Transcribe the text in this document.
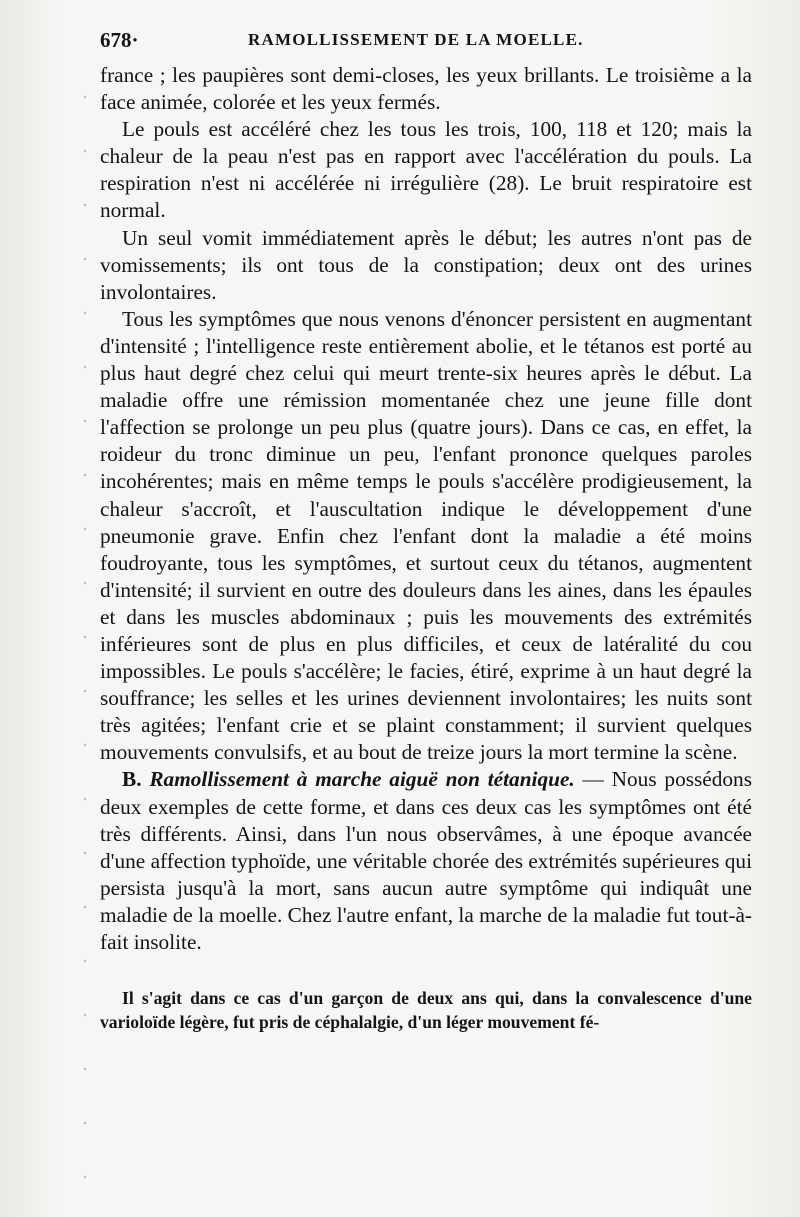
678·	RAMOLLISSEMENT DE LA MOELLE.

france ; les paupières sont demi-closes, les yeux brillants. Le troisième a la face animée, colorée et les yeux fermés.

Le pouls est accéléré chez les tous les trois, 100, 118 et 120; mais la chaleur de la peau n'est pas en rapport avec l'accélération du pouls. La respiration n'est ni accélérée ni irrégulière (28). Le bruit respiratoire est normal.

Un seul vomit immédiatement après le début; les autres n'ont pas de vomissements; ils ont tous de la constipation; deux ont des urines involontaires.

Tous les symptômes que nous venons d'énoncer persistent en augmentant d'intensité ; l'intelligence reste entièrement abolie, et le tétanos est porté au plus haut degré chez celui qui meurt trente-six heures après le début. La maladie offre une rémission momentanée chez une jeune fille dont l'affection se prolonge un peu plus (quatre jours). Dans ce cas, en effet, la roideur du tronc diminue un peu, l'enfant prononce quelques paroles incohérentes; mais en même temps le pouls s'accélère prodigieusement, la chaleur s'accroît, et l'auscultation indique le développement d'une pneumonie grave. Enfin chez l'enfant dont la maladie a été moins foudroyante, tous les symptômes, et surtout ceux du tétanos, augmentent d'intensité; il survient en outre des douleurs dans les aines, dans les épaules et dans les muscles abdominaux ; puis les mouvements des extrémités inférieures sont de plus en plus difficiles, et ceux de latéralité du cou impossibles. Le pouls s'accélère; le facies, étiré, exprime à un haut degré la souffrance; les selles et les urines deviennent involontaires; les nuits sont très agitées; l'enfant crie et se plaint constamment; il survient quelques mouvements convulsifs, et au bout de treize jours la mort termine la scène.

B. Ramollissement à marche aiguë non tétanique. — Nous possédons deux exemples de cette forme, et dans ces deux cas les symptômes ont été très différents. Ainsi, dans l'un nous observâmes, à une époque avancée d'une affection typhoïde, une véritable chorée des extrémités supérieures qui persista jusqu'à la mort, sans aucun autre symptôme qui indiquât une maladie de la moelle. Chez l'autre enfant, la marche de la maladie fut tout-à-fait insolite.

Il s'agit dans ce cas d'un garçon de deux ans qui, dans la convalescence d'une varioloïde légère, fut pris de céphalalgie, d'un léger mouvement fé-
